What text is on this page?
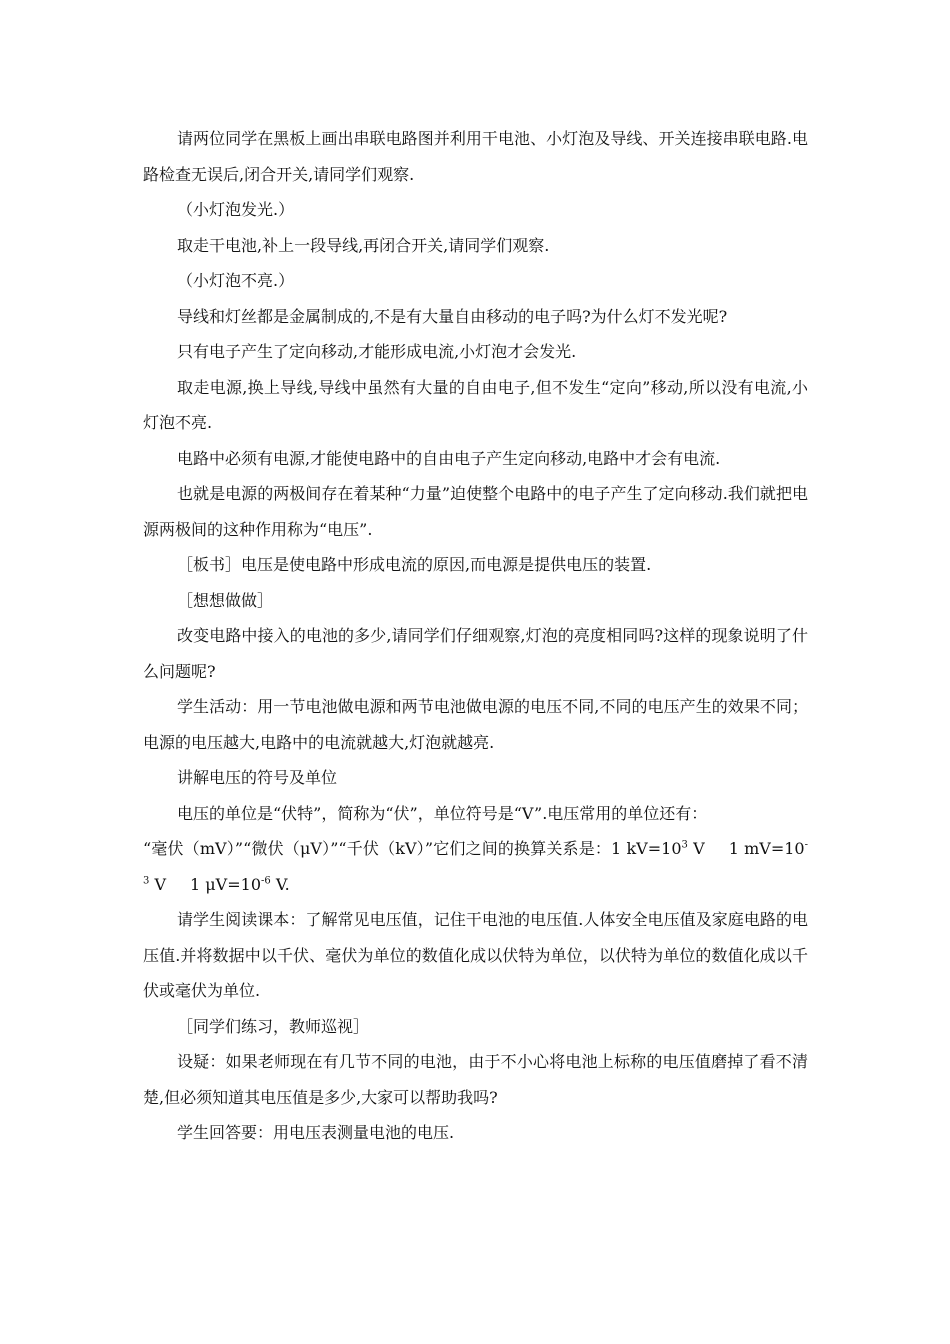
请两位同学在黑板上画出串联电路图并利用干电池、小灯泡及导线、开关连接串联电路.电路检查无误后,闭合开关,请同学们观察.

（小灯泡发光.）

取走干电池,补上一段导线,再闭合开关,请同学们观察.

（小灯泡不亮.）

导线和灯丝都是金属制成的,不是有大量自由移动的电子吗?为什么灯不发光呢?

只有电子产生了定向移动,才能形成电流,小灯泡才会发光.

取走电源,换上导线,导线中虽然有大量的自由电子,但不发生“定向”移动,所以没有电流,小灯泡不亮.

电路中必须有电源,才能使电路中的自由电子产生定向移动,电路中才会有电流.

也就是电源的两极间存在着某种“力量”迫使整个电路中的电子产生了定向移动.我们就把电源两极间的这种作用称为“电压”.

［板书］电压是使电路中形成电流的原因,而电源是提供电压的装置.

［想想做做］

改变电路中接入的电池的多少,请同学们仔细观察,灯泡的亮度相同吗?这样的现象说明了什么问题呢?

学生活动：用一节电池做电源和两节电池做电源的电压不同,不同的电压产生的效果不同；电源的电压越大,电路中的电流就越大,灯泡就越亮.

讲解电压的符号及单位

电压的单位是“伏特”，简称为“伏”，单位符号是“V”.电压常用的单位还有：

“毫伏（mV）”“微伏（μV）”“千伏（kV）”它们之间的换算关系是：1 $kV=10^3$ V   1 $mV=10^{-3}$ V   1 $\mu V=10^{-6}$ V.

请学生阅读课本：了解常见电压值，记住干电池的电压值.人体安全电压值及家庭电路的电压值.并将数据中以千伏、毫伏为单位的数值化成以伏特为单位，以伏特为单位的数值化成以千伏或毫伏为单位.

［同学们练习，教师巡视］

设疑：如果老师现在有几节不同的电池，由于不小心将电池上标称的电压值磨掉了看不清楚,但必须知道其电压值是多少,大家可以帮助我吗?

学生回答要：用电压表测量电池的电压.
